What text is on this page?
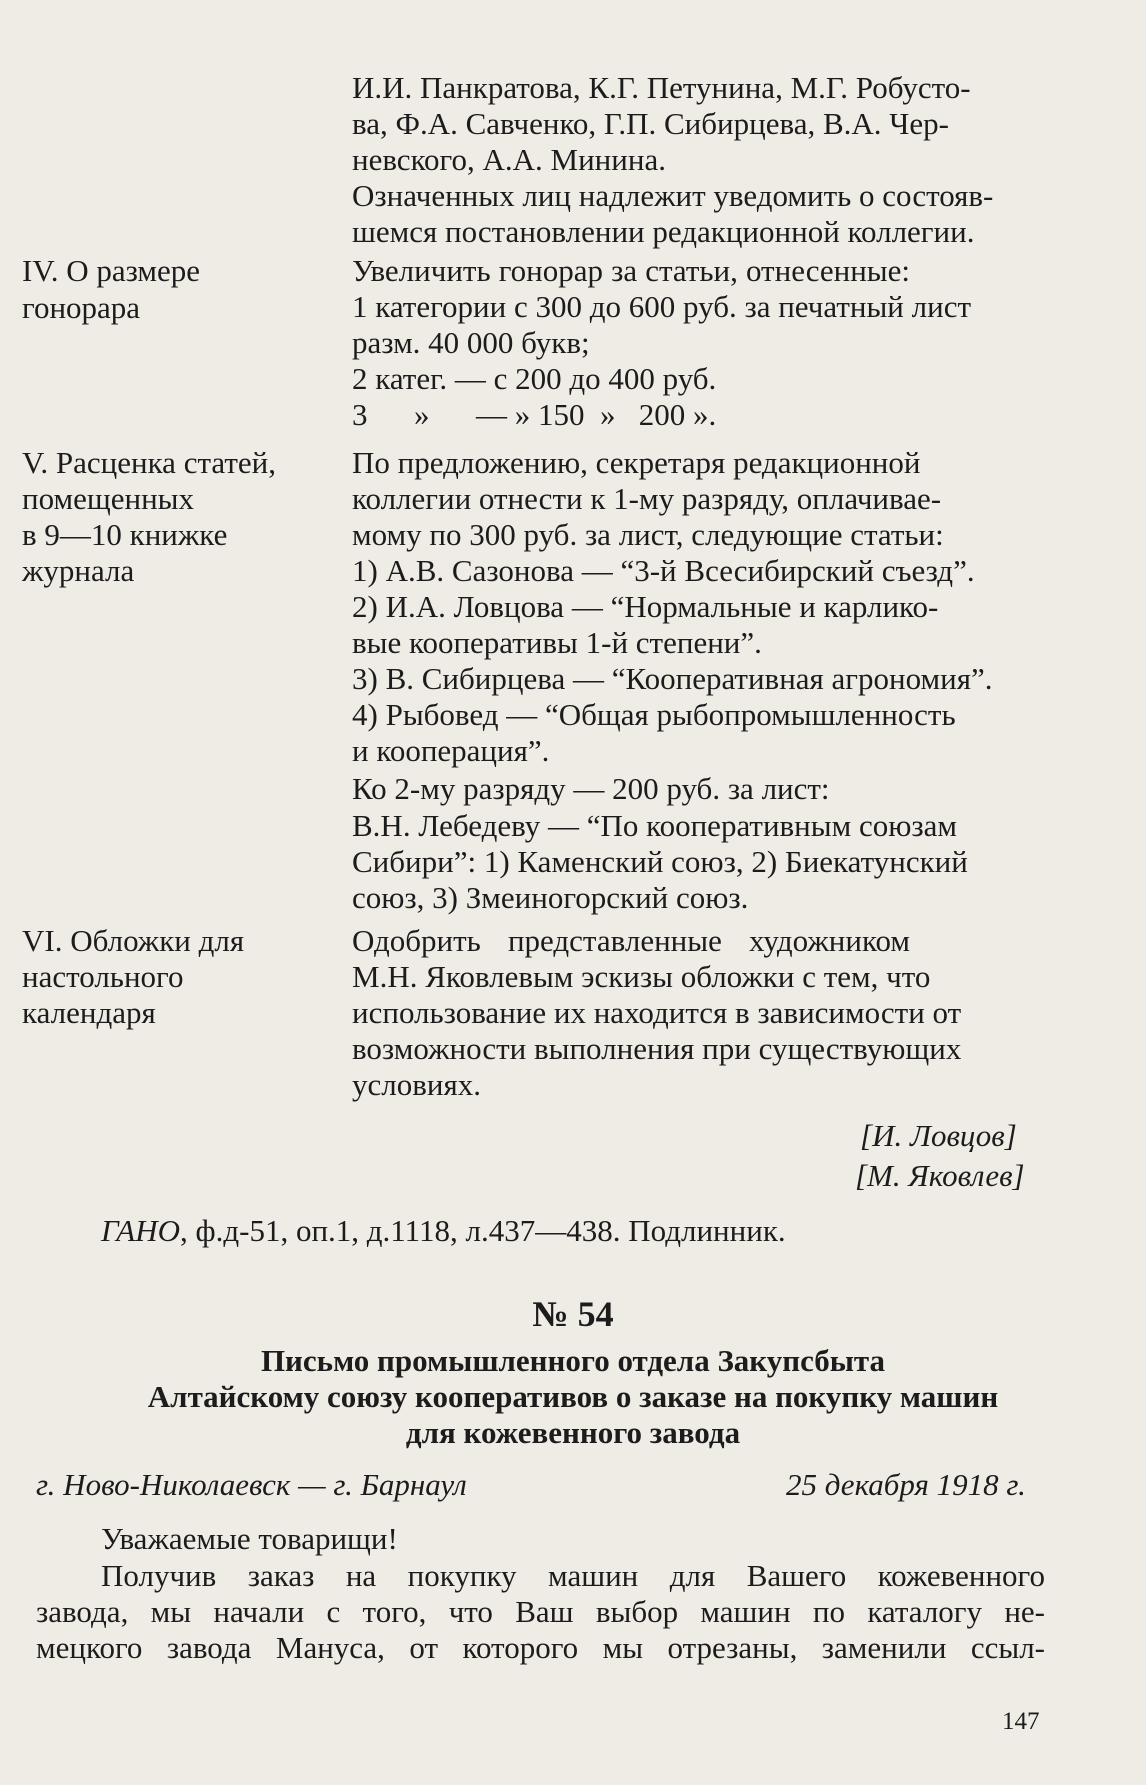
И.И. Панкратова, К.Г. Петунина, М.Г. Робусто-
ва, Ф.А. Савченко, Г.П. Сибирцева, В.А. Чер-
невского, А.А. Минина.
Означенных лиц надлежит уведомить о состояв-
шемся постановлении редакционной коллегии.
IV. О размере
гонорара
Увеличить гонорар за статьи, отнесенные:
1 категории с 300 до 600 руб. за печатный лист
разм. 40 000 букв;
2 катег. — с 200 до 400 руб.
3      »      — » 150  »   200 ».
V. Расценка статей,
помещенных
в 9—10 книжке
журнала
По предложению, секретаря редакционной
коллегии отнести к 1-му разряду, оплачивае-
мому по 300 руб. за лист, следующие статьи:
1) А.В. Сазонова — “3-й Всесибирский съезд”.
2) И.А. Ловцова — “Нормальные и карлико-
вые кооперативы 1-й степени”.
3) В. Сибирцева — “Кооперативная агрономия”.
4) Рыбовед — “Общая рыбопромышленность
и кооперация”.
Ко 2-му разряду — 200 руб. за лист:
В.Н. Лебедеву — “По кооперативным союзам
Сибири”: 1) Каменский союз, 2) Биекатунский
союз, 3) Змеиногорский союз.
VI. Обложки для
настольного
календаря
Одобрить представленные художником
М.Н. Яковлевым эскизы обложки с тем, что
использование их находится в зависимости от
возможности выполнения при существующих
условиях.
[И. Ловцов]
[М. Яковлев]
ГАНО, ф.д-51, оп.1, д.1118, л.437—438. Подлинник.
№ 54
Письмо промышленного отдела Закупсбыта
Алтайскому союзу кооперативов о заказе на покупку машин
для кожевенного завода
г. Ново-Николаевск — г. Барнаул	25 декабря 1918 г.
Уважаемые товарищи!
Получив заказ на покупку машин для Вашего кожевенного
завода, мы начали с того, что Ваш выбор машин по каталогу не-
мецкого завода Мануса, от которого мы отрезаны, заменили ссыл-
147
